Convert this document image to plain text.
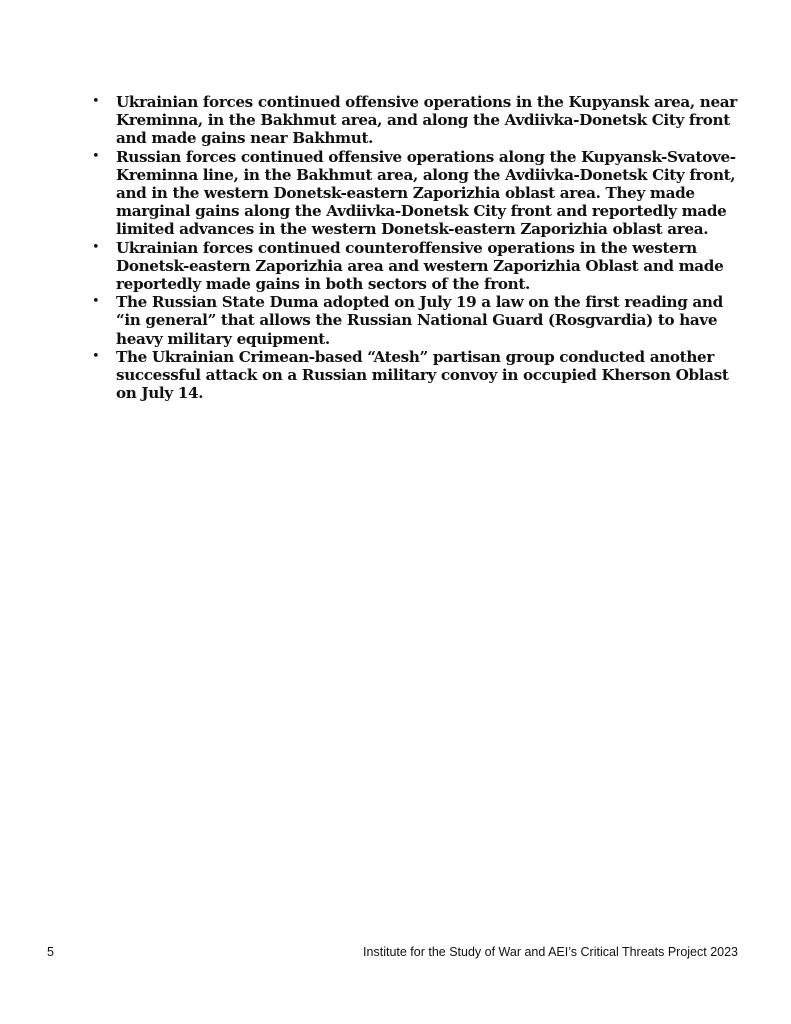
• Ukrainian forces continued offensive operations in the Kupyansk area, near Kreminna, in the Bakhmut area, and along the Avdiivka-Donetsk City front and made gains near Bakhmut.
• Russian forces continued offensive operations along the Kupyansk-Svatove-Kreminna line, in the Bakhmut area, along the Avdiivka-Donetsk City front, and in the western Donetsk-eastern Zaporizhia oblast area. They made marginal gains along the Avdiivka-Donetsk City front and reportedly made limited advances in the western Donetsk-eastern Zaporizhia oblast area.
• Ukrainian forces continued counteroffensive operations in the western Donetsk-eastern Zaporizhia area and western Zaporizhia Oblast and made reportedly made gains in both sectors of the front.
• The Russian State Duma adopted on July 19 a law on the first reading and “in general” that allows the Russian National Guard (Rosgvardia) to have heavy military equipment.
• The Ukrainian Crimean-based “Atesh” partisan group conducted another successful attack on a Russian military convoy in occupied Kherson Oblast on July 14.
5	Institute for the Study of War and AEI’s Critical Threats Project 2023
